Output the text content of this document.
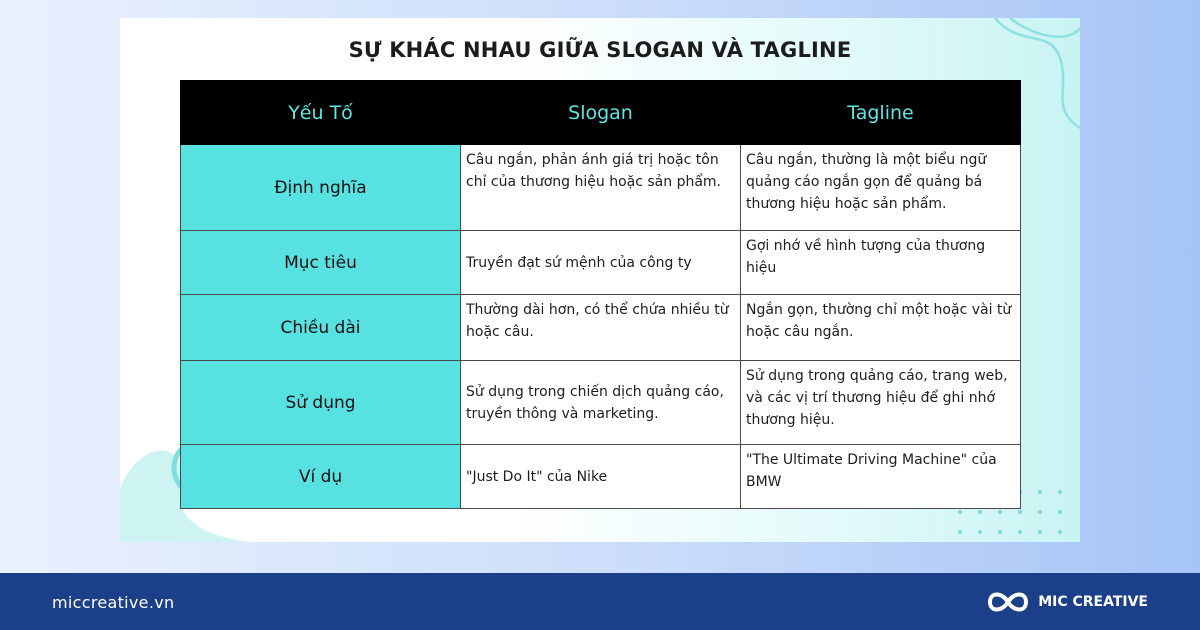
SỰ KHÁC NHAU GIỮA SLOGAN VÀ TAGLINE
Yếu Tố	Slogan	Tagline
Định nghĩa	Câu ngắn, phản ánh giá trị hoặc tôn chỉ của thương hiệu hoặc sản phẩm.	Câu ngắn, thường là một biểu ngữ quảng cáo ngắn gọn để quảng bá thương hiệu hoặc sản phẩm.
Mục tiêu	Truyền đạt sứ mệnh của công ty	Gợi nhớ về hình tượng của thương hiệu
Chiều dài	Thường dài hơn, có thể chứa nhiều từ hoặc câu.	Ngắn gọn, thường chỉ một hoặc vài từ hoặc câu ngắn.
Sử dụng	Sử dụng trong chiến dịch quảng cáo, truyền thông và marketing.	Sử dụng trong quảng cáo, trang web, và các vị trí thương hiệu để ghi nhớ thương hiệu.
Ví dụ	"Just Do It" của Nike	"The Ultimate Driving Machine" của BMW
miccreative.vn	MIC CREATIVE
